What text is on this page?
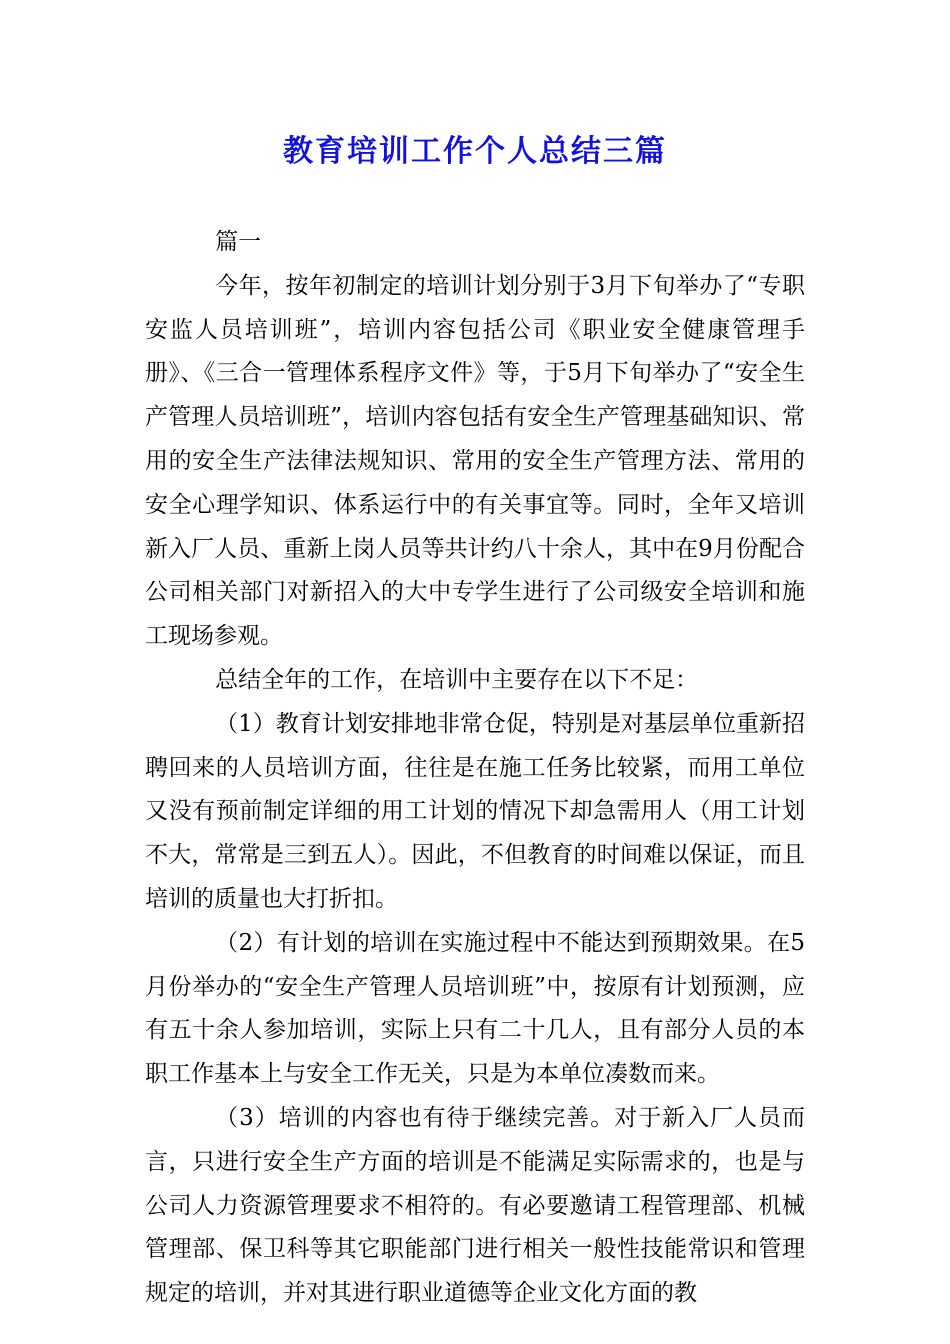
教育培训工作个人总结三篇

篇一

今年，按年初制定的培训计划分别于3月下旬举办了“专职安监人员培训班”，培训内容包括公司《职业安全健康管理手册》、《三合一管理体系程序文件》等，于5月下旬举办了“安全生产管理人员培训班”，培训内容包括有安全生产管理基础知识、常用的安全生产法律法规知识、常用的安全生产管理方法、常用的安全心理学知识、体系运行中的有关事宜等。同时，全年又培训新入厂人员、重新上岗人员等共计约八十余人，其中在9月份配合公司相关部门对新招入的大中专学生进行了公司级安全培训和施工现场参观。

总结全年的工作，在培训中主要存在以下不足：

（1）教育计划安排地非常仓促，特别是对基层单位重新招聘回来的人员培训方面，往往是在施工任务比较紧，而用工单位又没有预前制定详细的用工计划的情况下却急需用人（用工计划不大，常常是三到五人）。因此，不但教育的时间难以保证，而且培训的质量也大打折扣。

（2）有计划的培训在实施过程中不能达到预期效果。在5月份举办的“安全生产管理人员培训班”中，按原有计划预测，应有五十余人参加培训，实际上只有二十几人，且有部分人员的本职工作基本上与安全工作无关，只是为本单位凑数而来。

（3）培训的内容也有待于继续完善。对于新入厂人员而言，只进行安全生产方面的培训是不能满足实际需求的，也是与公司人力资源管理要求不相符的。有必要邀请工程管理部、机械管理部、保卫科等其它职能部门进行相关一般性技能常识和管理规定的培训，并对其进行职业道德等企业文化方面的教
